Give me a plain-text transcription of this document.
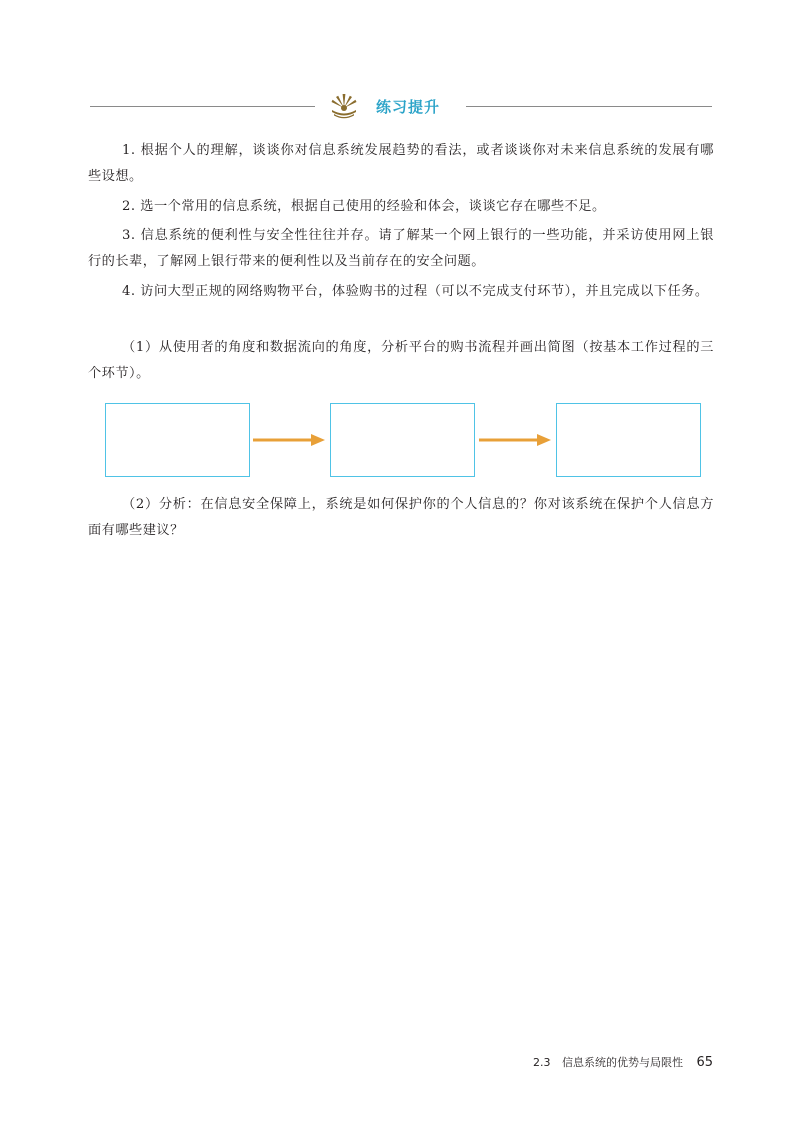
练习提升

1. 根据个人的理解，谈谈你对信息系统发展趋势的看法，或者谈谈你对未来信息系统的发展有哪些设想。

2. 选一个常用的信息系统，根据自己使用的经验和体会，谈谈它存在哪些不足。

3. 信息系统的便利性与安全性往往并存。请了解某一个网上银行的一些功能，并采访使用网上银行的长辈，了解网上银行带来的便利性以及当前存在的安全问题。

4. 访问大型正规的网络购物平台，体验购书的过程（可以不完成支付环节），并且完成以下任务。

（1）从使用者的角度和数据流向的角度，分析平台的购书流程并画出简图（按基本工作过程的三个环节）。

（2）分析：在信息安全保障上，系统是如何保护你的个人信息的？你对该系统在保护个人信息方面有哪些建议？

2.3 信息系统的优势与局限性 65
